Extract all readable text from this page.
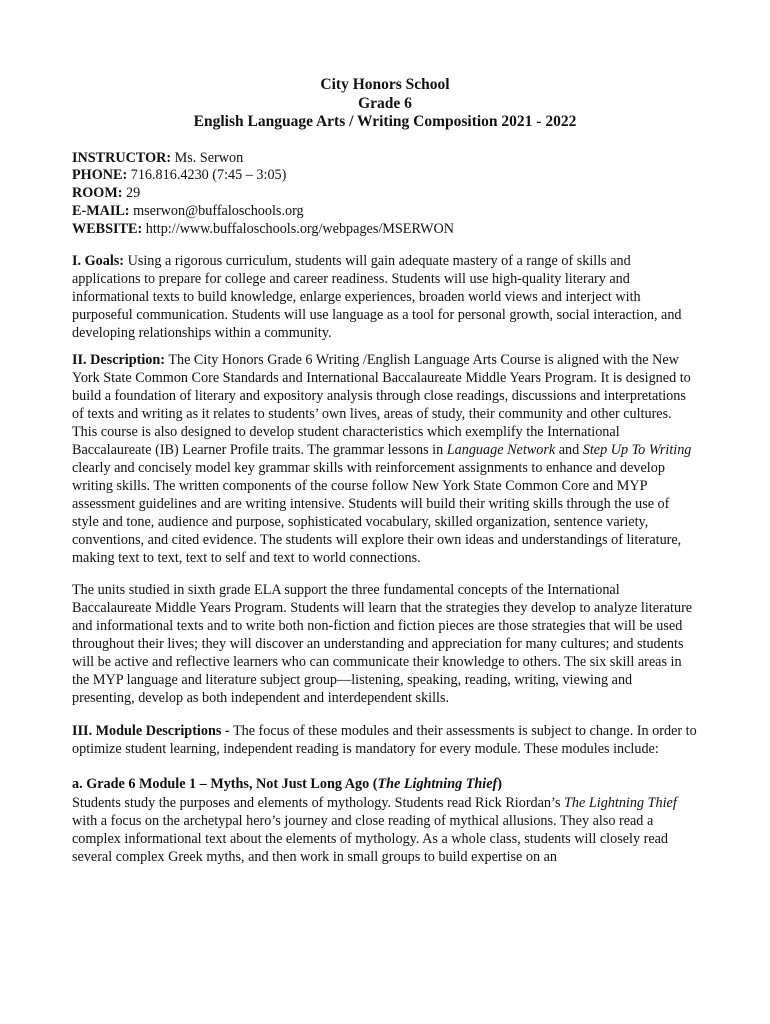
City Honors School
Grade 6
English Language Arts / Writing Composition 2021 - 2022
INSTRUCTOR: Ms. Serwon
PHONE: 716.816.4230 (7:45 – 3:05)
ROOM: 29
E-MAIL: mserwon@buffaloschools.org
WEBSITE: http://www.buffaloschools.org/webpages/MSERWON

I. Goals: Using a rigorous curriculum, students will gain adequate mastery of a range of skills and applications to prepare for college and career readiness. Students will use high-quality literary and informational texts to build knowledge, enlarge experiences, broaden world views and interject with purposeful communication. Students will use language as a tool for personal growth, social interaction, and developing relationships within a community.

II. Description: The City Honors Grade 6 Writing /English Language Arts Course is aligned with the New York State Common Core Standards and International Baccalaureate Middle Years Program. It is designed to build a foundation of literary and expository analysis through close readings, discussions and interpretations of texts and writing as it relates to students’ own lives, areas of study, their community and other cultures. This course is also designed to develop student characteristics which exemplify the International Baccalaureate (IB) Learner Profile traits. The grammar lessons in Language Network and Step Up To Writing clearly and concisely model key grammar skills with reinforcement assignments to enhance and develop writing skills. The written components of the course follow New York State Common Core and MYP assessment guidelines and are writing intensive. Students will build their writing skills through the use of style and tone, audience and purpose, sophisticated vocabulary, skilled organization, sentence variety, conventions, and cited evidence. The students will explore their own ideas and understandings of literature, making text to text, text to self and text to world connections.

The units studied in sixth grade ELA support the three fundamental concepts of the International Baccalaureate Middle Years Program. Students will learn that the strategies they develop to analyze literature and informational texts and to write both non-fiction and fiction pieces are those strategies that will be used throughout their lives; they will discover an understanding and appreciation for many cultures; and students will be active and reflective learners who can communicate their knowledge to others. The six skill areas in the MYP language and literature subject group—listening, speaking, reading, writing, viewing and presenting, develop as both independent and interdependent skills.

III. Module Descriptions - The focus of these modules and their assessments is subject to change. In order to optimize student learning, independent reading is mandatory for every module. These modules include:

a. Grade 6 Module 1 – Myths, Not Just Long Ago (The Lightning Thief)

Students study the purposes and elements of mythology. Students read Rick Riordan’s The Lightning Thief with a focus on the archetypal hero’s journey and close reading of mythical allusions. They also read a complex informational text about the elements of mythology. As a whole class, students will closely read several complex Greek myths, and then work in small groups to build expertise on an
